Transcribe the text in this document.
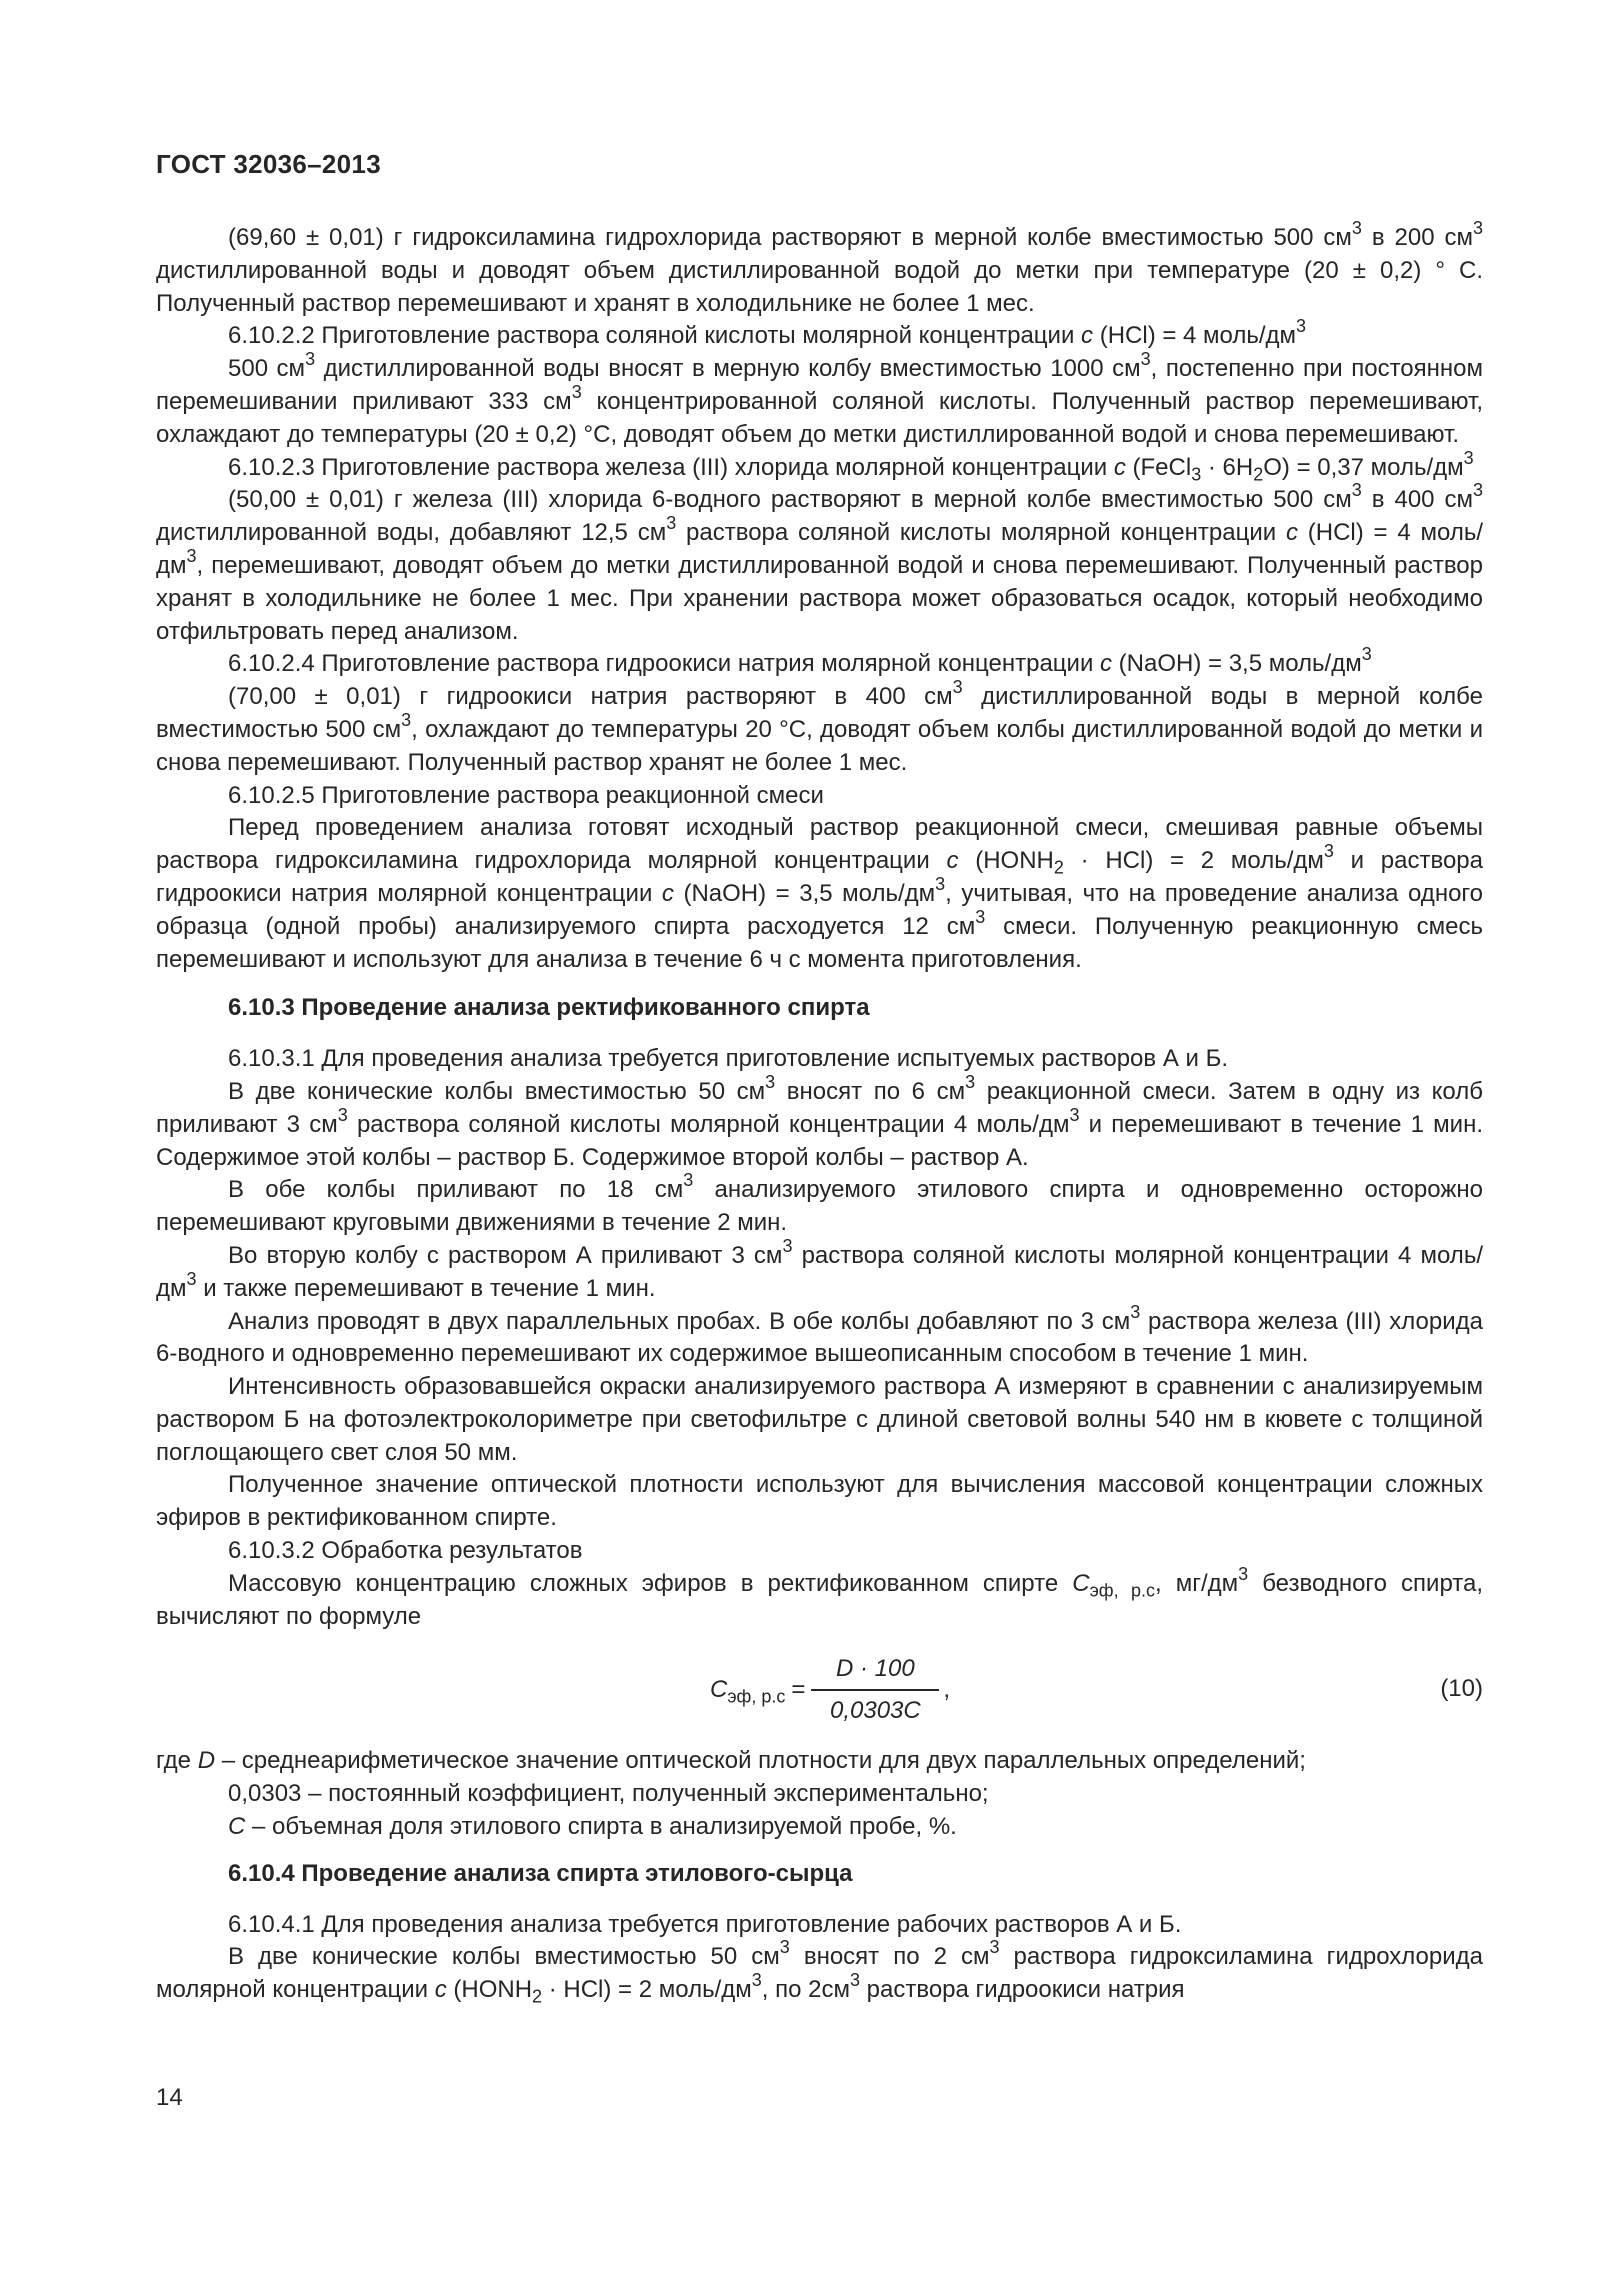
ГОСТ 32036–2013

(69,60 ± 0,01) г гидроксиламина гидрохлорида растворяют в мерной колбе вместимостью 500 $см^3$ в 200 $см^3$ дистиллированной воды и доводят объем дистиллированной водой до метки при температуре (20 ± 0,2) ° С. Полученный раствор перемешивают и хранят в холодильнике не более 1 мес.

6.10.2.2 Приготовление раствора соляной кислоты молярной концентрации с (HCl) = 4 моль/$дм^3$

500 $см^3$ дистиллированной воды вносят в мерную колбу вместимостью 1000 $см^3$, постепенно при постоянном перемешивании приливают 333 $см^3$ концентрированной соляной кислоты. Полученный раствор перемешивают, охлаждают до температуры (20 ± 0,2) °С, доводят объем до метки дистиллированной водой и снова перемешивают.

6.10.2.3 Приготовление раствора железа (III) хлорида молярной концентрации с (FeCl$_3$ · $6H_2O) = 0,37$ моль/$дм^3$

(50,00 ± 0,01) г железа (III) хлорида 6-водного растворяют в мерной колбе вместимостью 500 $см^3$ в 400 $см^3$ дистиллированной воды, добавляют 12,5 $см^3$ раствора соляной кислоты молярной концентрации с (HCl) = 4 моль/$дм^3$, перемешивают, доводят объем до метки дистиллированной водой и снова перемешивают. Полученный раствор хранят в холодильнике не более 1 мес. При хранении раствора может образоваться осадок, который необходимо отфильтровать перед анализом.

6.10.2.4 Приготовление раствора гидроокиси натрия молярной концентрации с (NaOH) = 3,5 моль/$дм^3$

(70,00 ± 0,01) г гидроокиси натрия растворяют в 400 $см^3$ дистиллированной воды в мерной колбе вместимостью 500 $см^3$, охлаждают до температуры 20 °С, доводят объем колбы дистиллированной водой до метки и снова перемешивают. Полученный раствор хранят не более 1 мес.

6.10.2.5 Приготовление раствора реакционной смеси

Перед проведением анализа готовят исходный раствор реакционной смеси, смешивая равные объемы раствора гидроксиламина гидрохлорида молярной концентрации с $(HONH_2 \cdot HCl) = 2$ моль/$дм^3$ и раствора гидроокиси натрия молярной концентрации с (NaOH) = 3,5 моль/$дм^3$, учитывая, что на проведение анализа одного образца (одной пробы) анализируемого спирта расходуется 12 $см^3$ смеси. Полученную реакционную смесь перемешивают и используют для анализа в течение 6 ч с момента приготовления.

6.10.3 Проведение анализа ректификованного спирта

6.10.3.1 Для проведения анализа требуется приготовление испытуемых растворов А и Б.

В две конические колбы вместимостью 50 $см^3$ вносят по 6 $см^3$ реакционной смеси. Затем в одну из колб приливают 3 $см^3$ раствора соляной кислоты молярной концентрации 4 моль/$дм^3$ и перемешивают в течение 1 мин. Содержимое этой колбы – раствор Б. Содержимое второй колбы – раствор А.

В обе колбы приливают по 18 $см^3$ анализируемого этилового спирта и одновременно осторожно перемешивают круговыми движениями в течение 2 мин.

Во вторую колбу с раствором А приливают 3 $см^3$ раствора соляной кислоты молярной концентрации 4 моль/$дм^3$ и также перемешивают в течение 1 мин.

Анализ проводят в двух параллельных пробах. В обе колбы добавляют по 3 $см^3$ раствора железа (III) хлорида 6-водного и одновременно перемешивают их содержимое вышеописанным способом в течение 1 мин.

Интенсивность образовавшейся окраски анализируемого раствора А измеряют в сравнении с анализируемым раствором Б на фотоэлектроколориметре при светофильтре с длиной световой волны 540 нм в кювете с толщиной поглощающего свет слоя 50 мм.

Полученное значение оптической плотности используют для вычисления массовой концентрации сложных эфиров в ректификованном спирте.

6.10.3.2 Обработка результатов

Массовую концентрацию сложных эфиров в ректификованном спирте $С_{эф, р.с}$, $мг/дм^3$ безводного спирта, вычисляют по формуле

$С_{эф, р.с} = \frac{D \cdot 100}{0,0303C}$ ,	(10)

где D – среднеарифметическое значение оптической плотности для двух параллельных определений;

0,0303 – постоянный коэффициент, полученный экспериментально;

С – объемная доля этилового спирта в анализируемой пробе, %.

6.10.4 Проведение анализа спирта этилового-сырца

6.10.4.1 Для проведения анализа требуется приготовление рабочих растворов А и Б.

В две конические колбы вместимостью 50 $см^3$ вносят по 2 $см^3$ раствора гидроксиламина гидрохлорида молярной концентрации с $(HONH_2 \cdot HCl) = 2$ моль/$дм^3$, по $2см^3$ раствора гидроокиси натрия

14
